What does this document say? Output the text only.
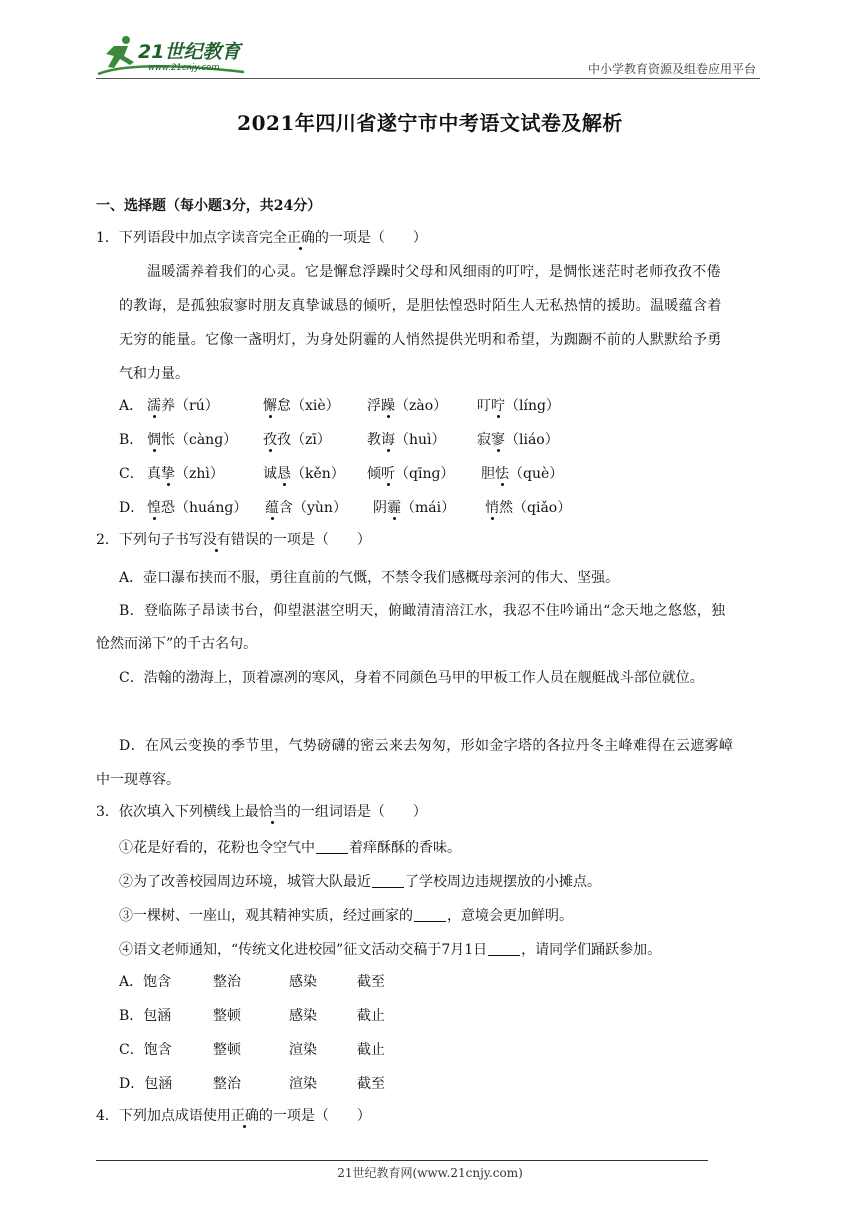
21世纪教育
www.21cnjy.com	中小学教育资源及组卷应用平台
2021年四川省遂宁市中考语文试卷及解析
一、选择题（每小题3分，共24分）
1．下列语段中加点字读音完全正确的一项是（　　）
温暖濡养着我们的心灵。它是懈怠浮躁时父母和风细雨的叮咛，是惆怅迷茫时老师孜孜不倦
的教诲，是孤独寂寥时朋友真挚诚恳的倾听，是胆怯惶恐时陌生人无私热情的援助。温暖蕴含着
无穷的能量。它像一盏明灯，为身处阴霾的人悄然提供光明和希望，为踟蹰不前的人默默给予勇
气和力量。
A． 濡养（rú）	懈怠（xiè） 浮躁（zào） 叮咛（líng）
B． 惆怅（cànɡ） 孜孜（zī）	教诲（huì） 寂寥（liáo）
C． 真挚（zhì）	诚恳（kěn） 倾听（qīnɡ） 胆怯（què）
D． 惶恐（huánɡ） 蕴含（yùn） 阴霾（mái） 悄然（qiǎo）
2．下列句子书写没有错误的一项是（　　）
A．壶口瀑布挟而不服，勇往直前的气慨，不禁令我们感概母亲河的伟大、坚强。
B．登临陈子昂读书台，仰望湛湛空明天，俯瞰清清涪江水，我忍不住吟诵出“念天地之悠悠，独
怆然而涕下”的千古名句。
C．浩翰的渤海上，顶着凛冽的寒风，身着不同颜色马甲的甲板工作人员在舰艇战斗部位就位。
D．在风云变换的季节里，气势磅礴的密云来去匆匆，形如金字塔的各拉丹冬主峰难得在云遮雾嶂
中一现尊容。
3．依次填入下列横线上最恰当的一组词语是（　　）
①花是好看的，花粉也令空气中 着痒酥酥的香味。
②为了改善校园周边环境，城管大队最近 了学校周边违规摆放的小摊点。
③一棵树、一座山，观其精神实质，经过画家的 ，意境会更加鲜明。
④语文老师通知，“传统文化进校园”征文活动交稿于7月1日 ，请同学们踊跃参加。
A．饱含	整治	感染	截至
B．包涵	整顿	感染	截止
C．饱含	整顿	渲染	截止
D．包涵	整治	渲染	截至
4．下列加点成语使用正确的一项是（　　）
21世纪教育网(www.21cnjy.com)
